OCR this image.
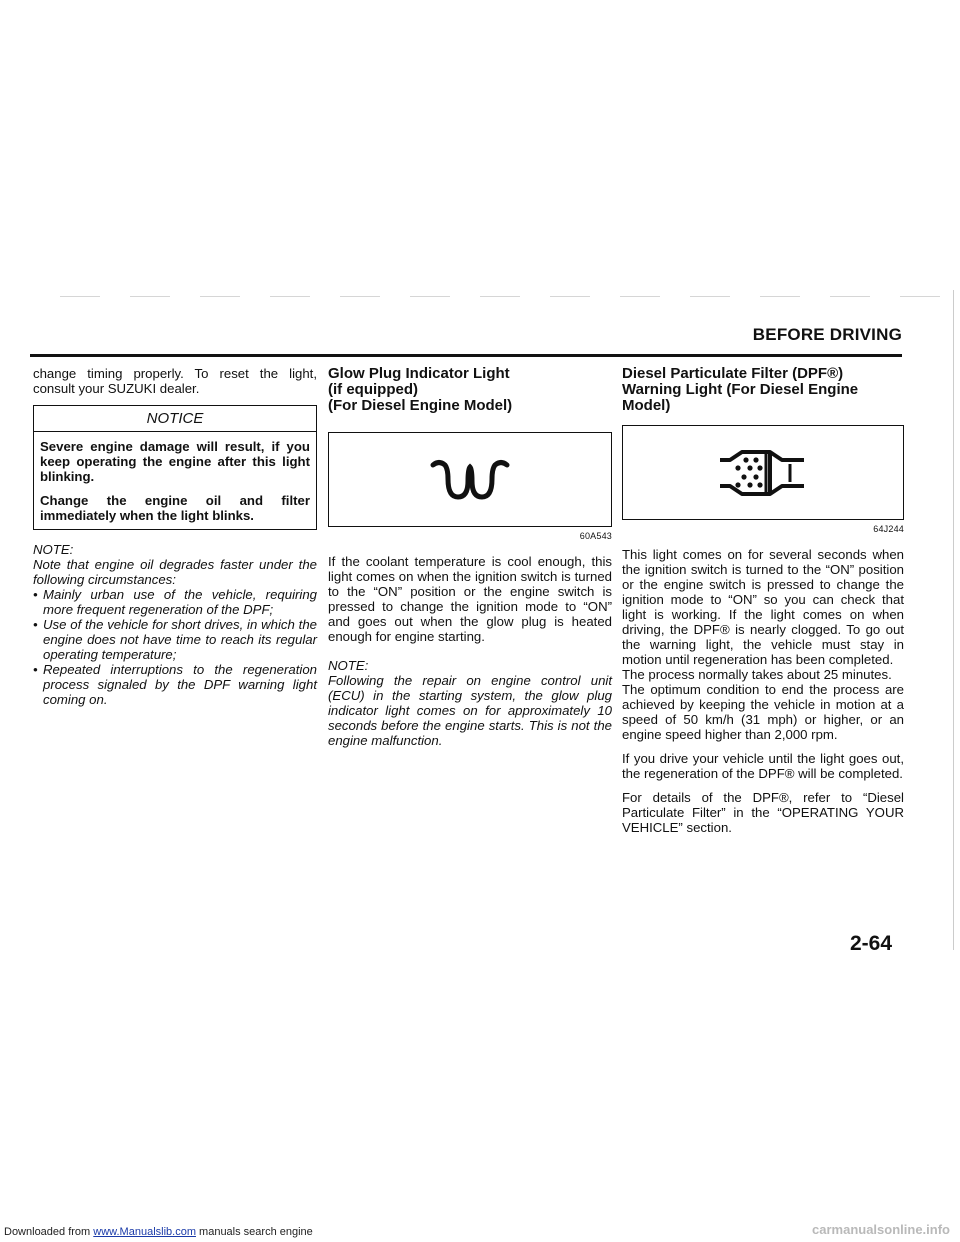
BEFORE DRIVING

change timing properly. To reset the light, consult your SUZUKI dealer.

NOTICE

Severe engine damage will result, if you keep operating the engine after this light blinking.

Change the engine oil and filter immediately when the light blinks.

NOTE:

Note that engine oil degrades faster under the following circumstances:

• Mainly urban use of the vehicle, requiring more frequent regeneration of the DPF;
• Use of the vehicle for short drives, in which the engine does not have time to reach its regular operating temperature;
• Repeated interruptions to the regeneration process signaled by the DPF warning light coming on.
Glow Plug Indicator Light
(if equipped)
(For Diesel Engine Model)
60A543

If the coolant temperature is cool enough, this light comes on when the ignition switch is turned to the “ON” position or the engine switch is pressed to change the ignition mode to “ON” and goes out when the glow plug is heated enough for engine starting.

NOTE:

Following the repair on engine control unit (ECU) in the starting system, the glow plug indicator light comes on for approximately 10 seconds before the engine starts. This is not the engine malfunction.

Diesel Particulate Filter (DPF®)
Warning Light (For Diesel Engine
Model)
64J244

This light comes on for several seconds when the ignition switch is turned to the “ON” position or the engine switch is pressed to change the ignition mode to “ON” so you can check that light is working. If the light comes on when driving, the DPF® is nearly clogged. To go out the warning light, the vehicle must stay in motion until regeneration has been completed.

The process normally takes about 25 minutes.

The optimum condition to end the process are achieved by keeping the vehicle in motion at a speed of 50 km/h (31 mph) or higher, or an engine speed higher than 2,000 rpm.

If you drive your vehicle until the light goes out, the regeneration of the DPF® will be completed.

For details of the DPF®, refer to “Diesel Particulate Filter” in the “OPERATING YOUR VEHICLE” section.

2-64
Downloaded from www.Manualslib.com manuals search engine	carmanualsonline.info
